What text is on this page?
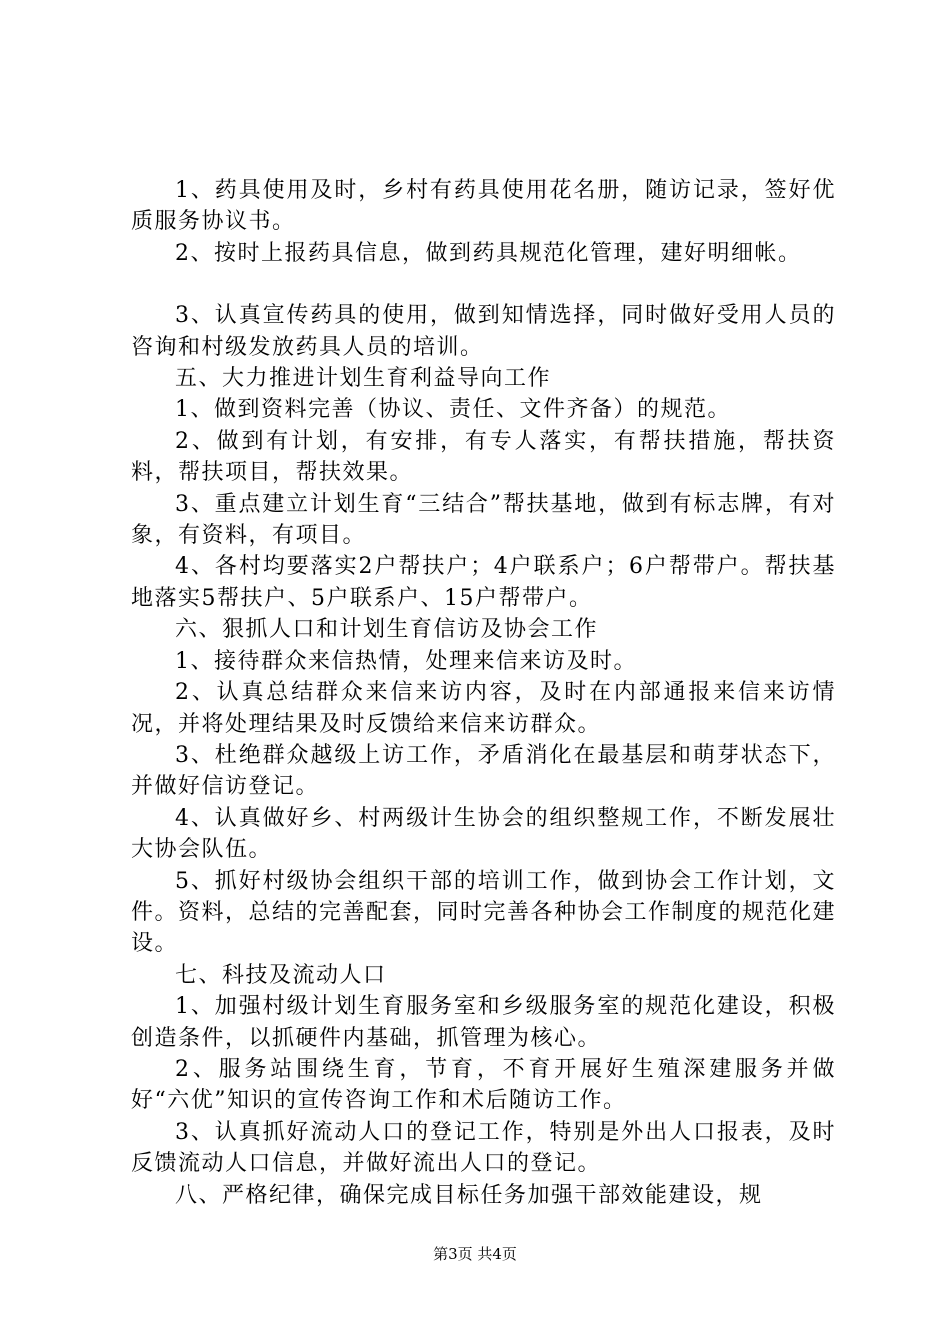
1、药具使用及时，乡村有药具使用花名册，随访记录，签好优质服务协议书。

2、按时上报药具信息，做到药具规范化管理，建好明细帐。

3、认真宣传药具的使用，做到知情选择，同时做好受用人员的咨询和村级发放药具人员的培训。

五、大力推进计划生育利益导向工作

1、做到资料完善（协议、责任、文件齐备）的规范。

2、做到有计划，有安排，有专人落实，有帮扶措施，帮扶资料，帮扶项目，帮扶效果。

3、重点建立计划生育“三结合”帮扶基地，做到有标志牌，有对象，有资料，有项目。

4、各村均要落实2户帮扶户；4户联系户；6户帮带户。帮扶基地落实5帮扶户、5户联系户、15户帮带户。

六、狠抓人口和计划生育信访及协会工作

1、接待群众来信热情，处理来信来访及时。

2、认真总结群众来信来访内容，及时在内部通报来信来访情况，并将处理结果及时反馈给来信来访群众。

3、杜绝群众越级上访工作，矛盾消化在最基层和萌芽状态下，并做好信访登记。

4、认真做好乡、村两级计生协会的组织整规工作，不断发展壮大协会队伍。

5、抓好村级协会组织干部的培训工作，做到协会工作计划，文件。资料，总结的完善配套，同时完善各种协会工作制度的规范化建设。

七、科技及流动人口

1、加强村级计划生育服务室和乡级服务室的规范化建设，积极创造条件，以抓硬件内基础，抓管理为核心。

2、服务站围绕生育，节育，不育开展好生殖深建服务并做好“六优”知识的宣传咨询工作和术后随访工作。

3、认真抓好流动人口的登记工作，特别是外出人口报表，及时反馈流动人口信息，并做好流出人口的登记。

八、严格纪律，确保完成目标任务加强干部效能建设，规

第3页 共4页
